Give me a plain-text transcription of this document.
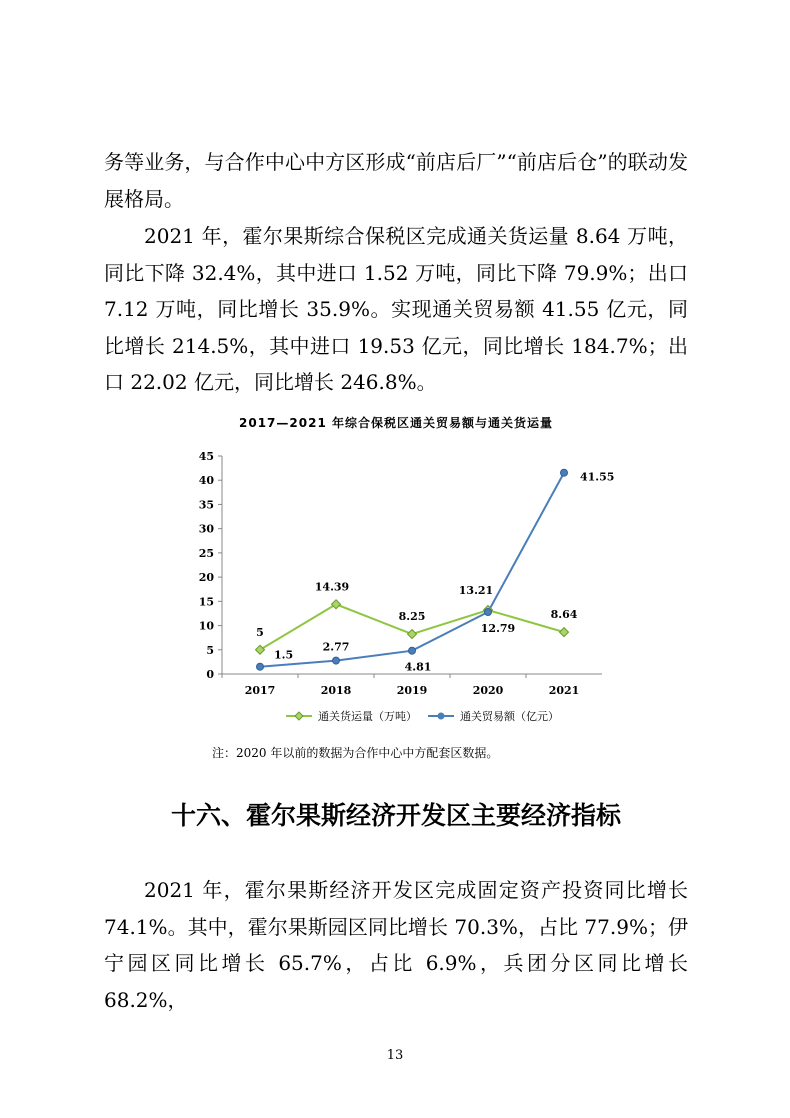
务等业务，与合作中心中方区形成“前店后厂”“前店后仓”的联动发展格局。

2021 年，霍尔果斯综合保税区完成通关货运量 8.64 万吨，同比下降 32.4%，其中进口 1.52 万吨，同比下降 79.9%；出口 7.12 万吨，同比增长 35.9%。实现通关贸易额 41.55 亿元，同比增长 214.5%，其中进口 19.53 亿元，同比增长 184.7%；出口 22.02 亿元，同比增长 246.8%。

2017—2021 年综合保税区通关贸易额与通关货运量
0
5
10
15
20
25
30
35
40
45
2017	2018	2019	2020	2021
5
14.39
8.25
13.21
8.64
1.5
2.77
4.81
12.79
41.55
通关货运量（万吨）	通关贸易额（亿元）
注：2020 年以前的数据为合作中心中方配套区数据。
十六、霍尔果斯经济开发区主要经济指标

2021 年，霍尔果斯经济开发区完成固定资产投资同比增长 74.1%。其中，霍尔果斯园区同比增长 70.3%，占比 77.9%；伊宁园区同比增长 65.7%，占比 6.9%，兵团分区同比增长 68.2%，

13
